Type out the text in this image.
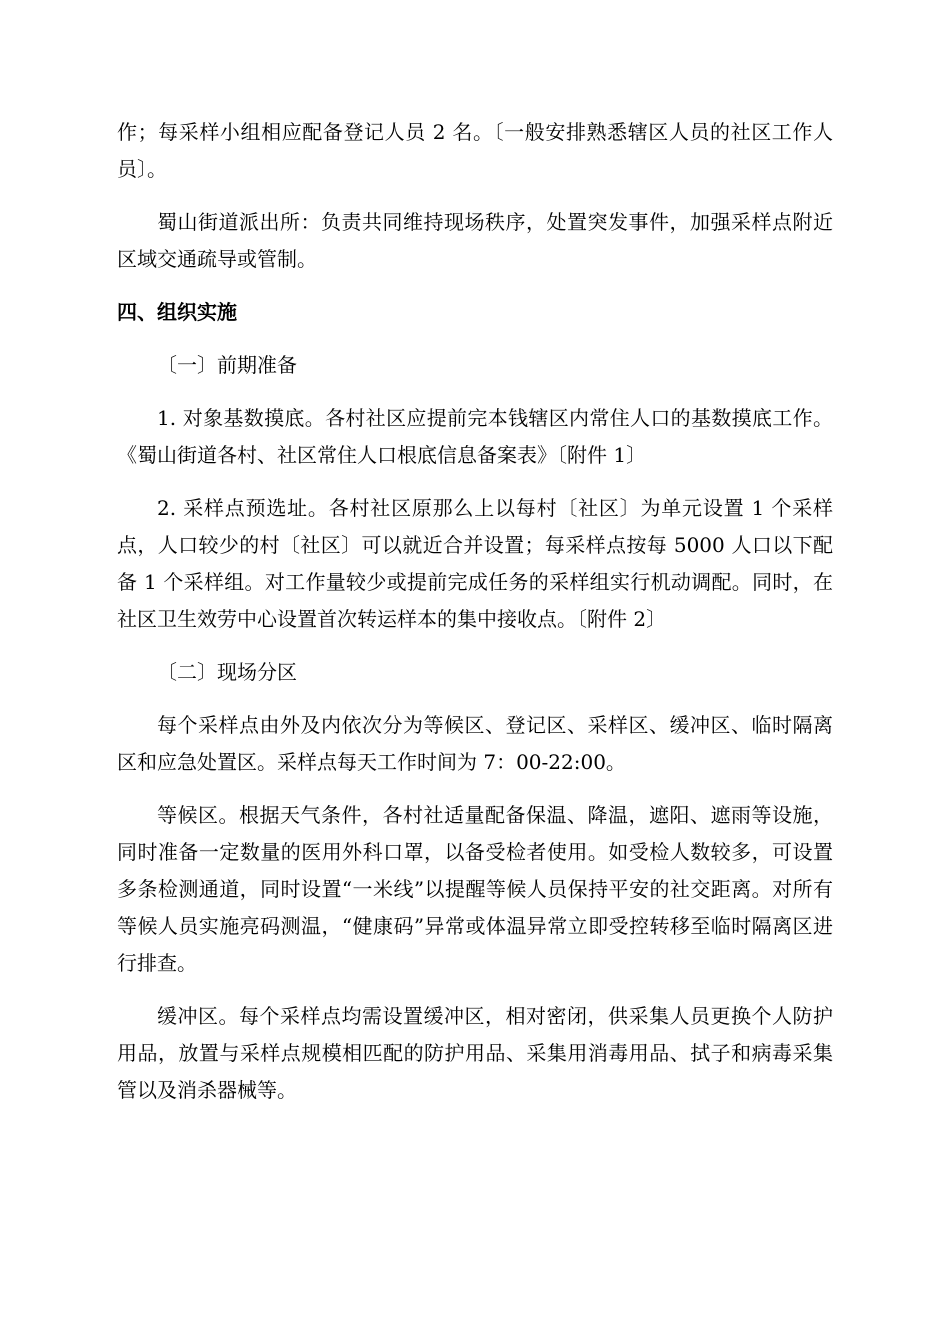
作；每采样小组相应配备登记人员 2 名。〔一般安排熟悉辖区人员的社区工作人员〕。

蜀山街道派出所：负责共同维持现场秩序，处置突发事件，加强采样点附近区域交通疏导或管制。

四、组织实施

〔一〕前期准备

1. 对象基数摸底。各村社区应提前完本钱辖区内常住人口的基数摸底工作。《蜀山街道各村、社区常住人口根底信息备案表》〔附件 1〕

2. 采样点预选址。各村社区原那么上以每村〔社区〕为单元设置 1 个采样点，人口较少的村〔社区〕可以就近合并设置；每采样点按每 5000 人口以下配备 1 个采样组。对工作量较少或提前完成任务的采样组实行机动调配。同时，在社区卫生效劳中心设置首次转运样本的集中接收点。〔附件 2〕

〔二〕现场分区

每个采样点由外及内依次分为等候区、登记区、采样区、缓冲区、临时隔离区和应急处置区。采样点每天工作时间为 7：00-22:00。

等候区。根据天气条件，各村社适量配备保温、降温，遮阳、遮雨等设施，同时准备一定数量的医用外科口罩，以备受检者使用。如受检人数较多，可设置多条检测通道，同时设置“一米线”以提醒等候人员保持平安的社交距离。对所有等候人员实施亮码测温，“健康码”异常或体温异常立即受控转移至临时隔离区进行排查。

缓冲区。每个采样点均需设置缓冲区，相对密闭，供采集人员更换个人防护用品，放置与采样点规模相匹配的防护用品、采集用消毒用品、拭子和病毒采集管以及消杀器械等。
